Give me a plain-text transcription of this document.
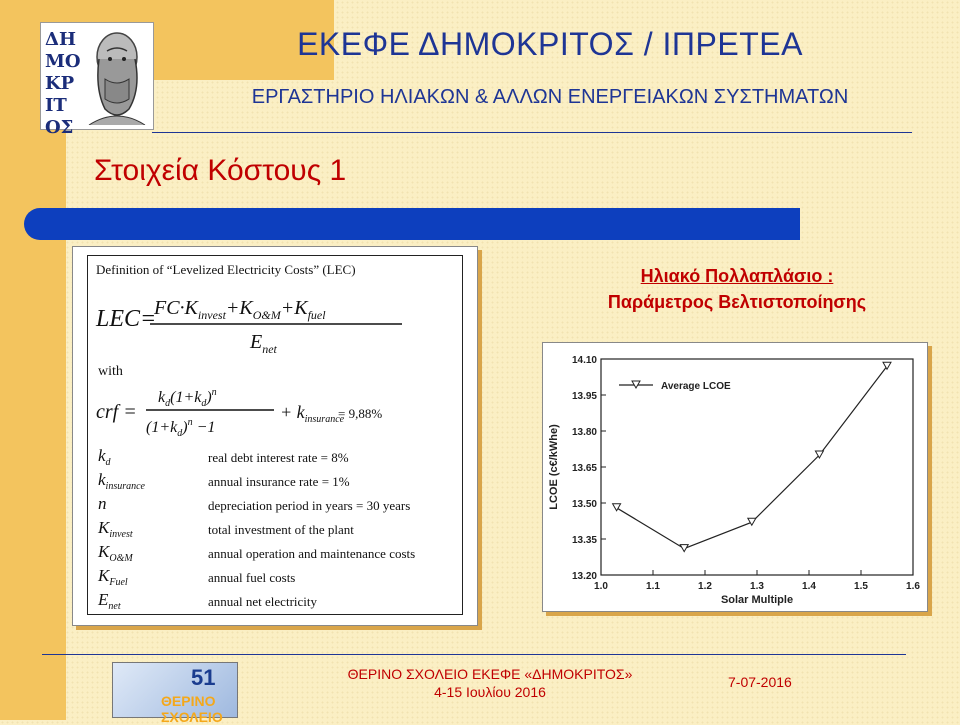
ΔΗΜΟΚΡΙΤΟΣ
ΕΚΕΦΕ ΔΗΜΟΚΡΙΤΟΣ / ΙΠΡΕΤΕΑ
ΕΡΓΑΣΤΗΡΙΟ ΗΛΙΑΚΩΝ & ΑΛΛΩΝ ΕΝΕΡΓΕΙΑΚΩΝ ΣΥΣΤΗΜΑΤΩΝ
Στοιχεία Κόστους 1
Definition of “Levelized Electricity Costs” (LEC)
LEC=
$FC\cdot K_{invest}+K_{O\&M}+K_{fuel}$
$E_{net}$
with
crf =
$k_d(1+k_d)^n$
$(1+k_d)^n -1$
+ $k_{insurance}$
= 9,88%
$k_d$	real debt interest rate = 8%
$k_{insurance}$	annual insurance rate = 1%
n	depreciation period in years = 30 years
$K_{invest}$	total investment of the plant
$K_{O\&M}$	annual operation and maintenance costs
$K_{Fuel}$	annual fuel costs
$E_{net}$	annual net electricity
Ηλιακό Πολλαπλάσιο :
Παράμετρος Βελτιστοποίησης
1.0	1.1	1.2	1.3	1.4	1.5	1.6
13.20
13.35
13.50
13.65
13.80
13.95
14.10
Solar Multiple
LCOE (c€/kWhe)
Average LCOE
51
ΘΕΡΙΝΟ ΣΧΟΛΕΙΟ
ΘΕΡΙΝΟ ΣΧΟΛΕΙΟ ΕΚΕΦΕ «ΔΗΜΟΚΡΙΤΟΣ»
4-15 Ιουλίου 2016
7-07-2016
